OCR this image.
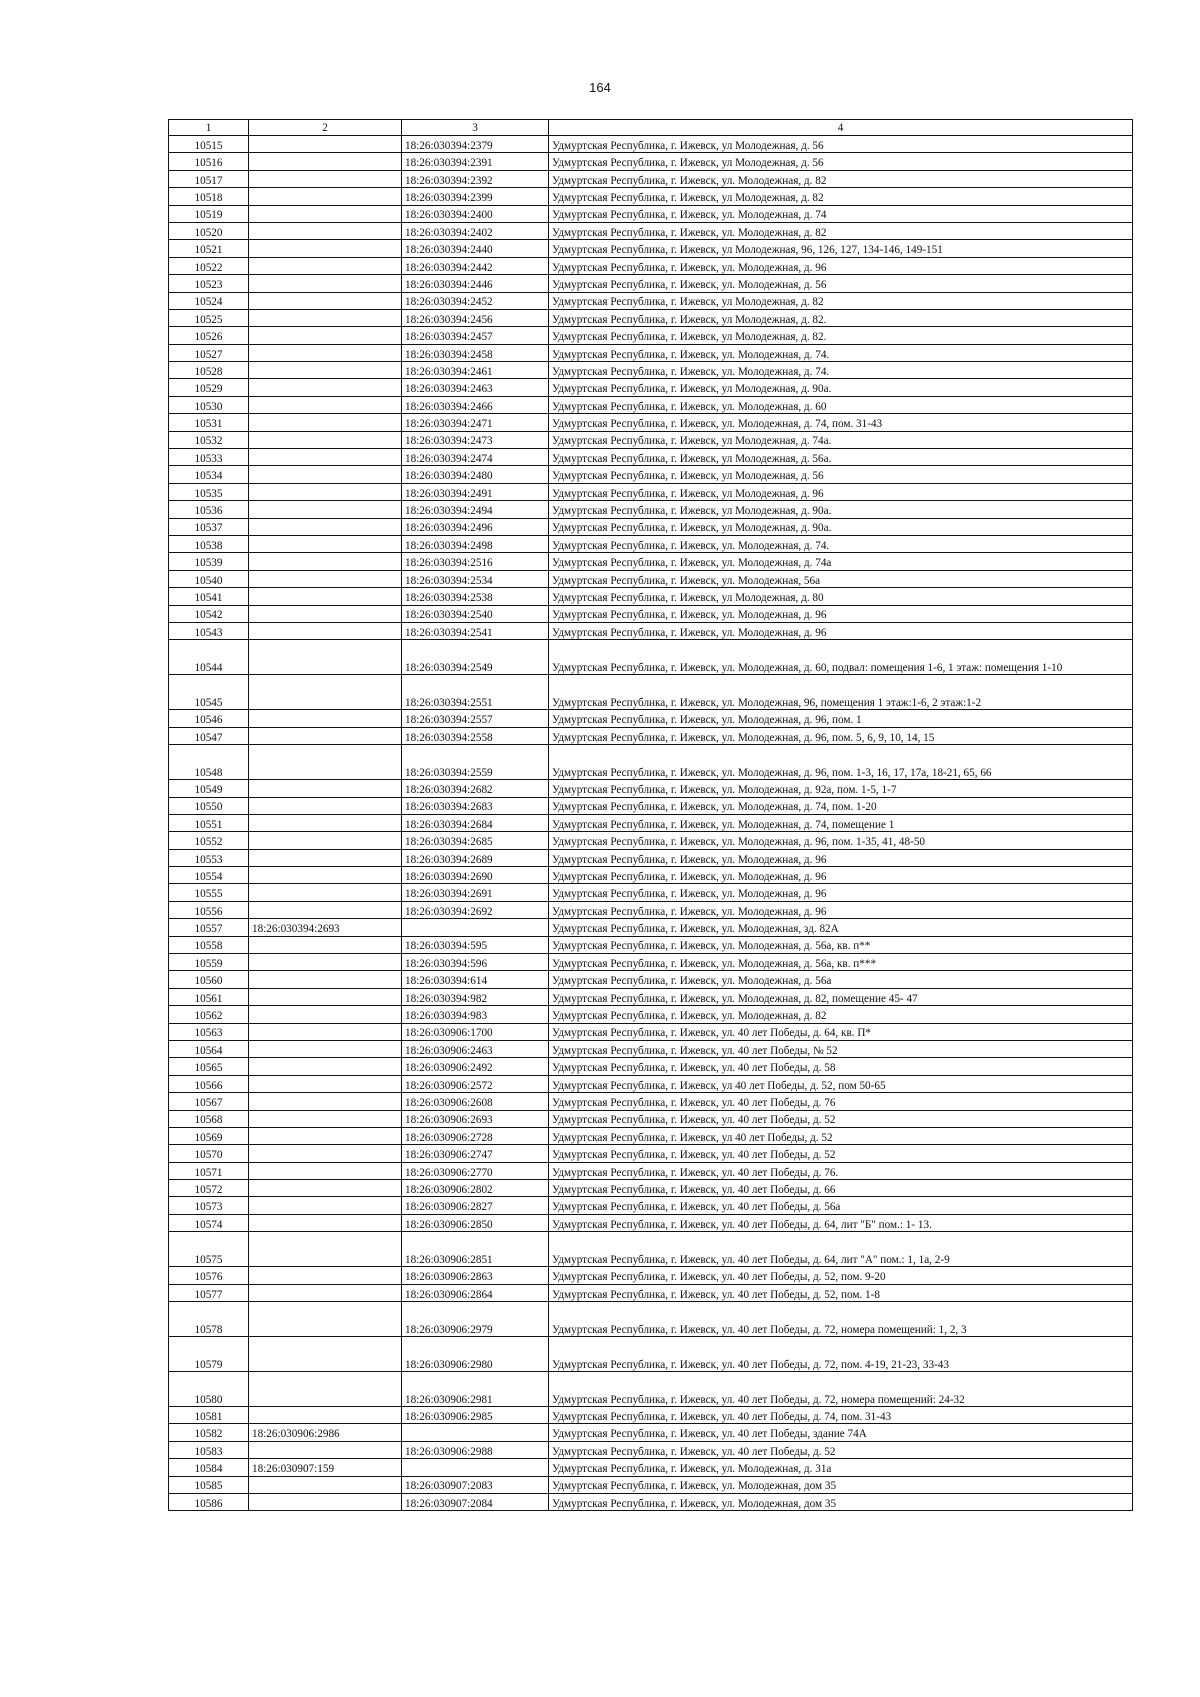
164
1	2	3	4
10515		18:26:030394:2379	Удмуртская Республика, г. Ижевск, ул Молодежная, д. 56
10516		18:26:030394:2391	Удмуртская Республика, г. Ижевск, ул Молодежная, д. 56
10517		18:26:030394:2392	Удмуртская Республика, г. Ижевск, ул. Молодежная, д. 82
10518		18:26:030394:2399	Удмуртская Республика, г. Ижевск, ул Молодежная, д. 82
10519		18:26:030394:2400	Удмуртская Республика, г. Ижевск, ул. Молодежная, д. 74
10520		18:26:030394:2402	Удмуртская Республика, г. Ижевск, ул. Молодежная, д. 82
10521		18:26:030394:2440	Удмуртская Республика, г. Ижевск, ул Молодежная, 96, 126, 127, 134-146, 149-151
10522		18:26:030394:2442	Удмуртская Республика, г. Ижевск, ул. Молодежная, д. 96
10523		18:26:030394:2446	Удмуртская Республика, г. Ижевск, ул. Молодежная, д. 56
10524		18:26:030394:2452	Удмуртская Республика, г. Ижевск, ул Молодежная, д. 82
10525		18:26:030394:2456	Удмуртская Республика, г. Ижевск, ул Молодежная, д. 82.
10526		18:26:030394:2457	Удмуртская Республика, г. Ижевск, ул Молодежная, д. 82.
10527		18:26:030394:2458	Удмуртская Республика, г. Ижевск, ул. Молодежная, д. 74.
10528		18:26:030394:2461	Удмуртская Республика, г. Ижевск, ул. Молодежная, д. 74.
10529		18:26:030394:2463	Удмуртская Республика, г. Ижевск, ул Молодежная, д. 90а.
10530		18:26:030394:2466	Удмуртская Республика, г. Ижевск, ул. Молодежная, д. 60
10531		18:26:030394:2471	Удмуртская Республика, г. Ижевск, ул. Молодежная, д. 74, пом. 31-43
10532		18:26:030394:2473	Удмуртская Республика, г. Ижевск, ул Молодежная, д. 74а.
10533		18:26:030394:2474	Удмуртская Республика, г. Ижевск, ул Молодежная, д. 56а.
10534		18:26:030394:2480	Удмуртская Республика, г. Ижевск, ул Молодежная, д. 56
10535		18:26:030394:2491	Удмуртская Республика, г. Ижевск, ул Молодежная, д. 96
10536		18:26:030394:2494	Удмуртская Республика, г. Ижевск, ул Молодежная, д. 90а.
10537		18:26:030394:2496	Удмуртская Республика, г. Ижевск, ул Молодежная, д. 90а.
10538		18:26:030394:2498	Удмуртская Республика, г. Ижевск, ул. Молодежная, д. 74.
10539		18:26:030394:2516	Удмуртская Республика, г. Ижевск, ул. Молодежная, д. 74а
10540		18:26:030394:2534	Удмуртская Республика, г. Ижевск, ул. Молодежная, 56а
10541		18:26:030394:2538	Удмуртская Республика, г. Ижевск, ул Молодежная, д. 80
10542		18:26:030394:2540	Удмуртская Республика, г. Ижевск, ул. Молодежная, д. 96
10543		18:26:030394:2541	Удмуртская Республика, г. Ижевск, ул. Молодежная, д. 96
10544		18:26:030394:2549	Удмуртская Республика, г. Ижевск, ул. Молодежная, д. 60, подвал: помещения 1-6, 1 этаж: помещения 1-10
10545		18:26:030394:2551	Удмуртская Республика, г. Ижевск, ул. Молодежная, 96, помещения 1 этаж:1-6, 2 этаж:1-2
10546		18:26:030394:2557	Удмуртская Республика, г. Ижевск, ул. Молодежная, д. 96, пом. 1
10547		18:26:030394:2558	Удмуртская Республика, г. Ижевск, ул. Молодежная, д. 96, пом. 5, 6, 9, 10, 14, 15
10548		18:26:030394:2559	Удмуртская Республика, г. Ижевск, ул. Молодежная, д. 96, пом. 1-3, 16, 17, 17а, 18-21, 65, 66
10549		18:26:030394:2682	Удмуртская Республика, г. Ижевск, ул. Молодежная, д. 92а, пом. 1-5, 1-7
10550		18:26:030394:2683	Удмуртская Республика, г. Ижевск, ул. Молодежная, д. 74, пом. 1-20
10551		18:26:030394:2684	Удмуртская Республика, г. Ижевск, ул. Молодежная, д. 74, помещение 1
10552		18:26:030394:2685	Удмуртская Республика, г. Ижевск, ул. Молодежная, д. 96, пом. 1-35, 41, 48-50
10553		18:26:030394:2689	Удмуртская Республика, г. Ижевск, ул. Молодежная, д. 96
10554		18:26:030394:2690	Удмуртская Республика, г. Ижевск, ул. Молодежная, д. 96
10555		18:26:030394:2691	Удмуртская Республика, г. Ижевск, ул. Молодежная, д. 96
10556		18:26:030394:2692	Удмуртская Республика, г. Ижевск, ул. Молодежная, д. 96
10557	18:26:030394:2693		Удмуртская Республика, г. Ижевск, ул. Молодежная, зд. 82А
10558		18:26:030394:595	Удмуртская Республика, г. Ижевск, ул. Молодежная, д. 56а, кв. п**
10559		18:26:030394:596	Удмуртская Республика, г. Ижевск, ул. Молодежная, д. 56а, кв. п***
10560		18:26:030394:614	Удмуртская Республика, г. Ижевск, ул. Молодежная, д. 56а
10561		18:26:030394:982	Удмуртская Республика, г. Ижевск, ул. Молодежная, д. 82, помещение 45- 47
10562		18:26:030394:983	Удмуртская Республика, г. Ижевск, ул. Молодежная, д. 82
10563		18:26:030906:1700	Удмуртская Республика, г. Ижевск, ул. 40 лет Победы, д. 64, кв. П*
10564		18:26:030906:2463	Удмуртская Республика, г. Ижевск, ул. 40 лет Победы, № 52
10565		18:26:030906:2492	Удмуртская Республика, г. Ижевск, ул. 40 лет Победы, д. 58
10566		18:26:030906:2572	Удмуртская Республика, г. Ижевск, ул 40 лет Победы, д. 52, пом 50-65
10567		18:26:030906:2608	Удмуртская Республика, г. Ижевск, ул. 40 лет Победы, д. 76
10568		18:26:030906:2693	Удмуртская Республика, г. Ижевск, ул. 40 лет Победы, д. 52
10569		18:26:030906:2728	Удмуртская Республика, г. Ижевск, ул 40 лет Победы, д. 52
10570		18:26:030906:2747	Удмуртская Республика, г. Ижевск, ул. 40 лет Победы, д. 52
10571		18:26:030906:2770	Удмуртская Республика, г. Ижевск, ул. 40 лет Победы, д. 76.
10572		18:26:030906:2802	Удмуртская Республика, г. Ижевск, ул. 40 лет Победы, д. 66
10573		18:26:030906:2827	Удмуртская Республика, г. Ижевск, ул. 40 лет Победы, д. 56а
10574		18:26:030906:2850	Удмуртская Республика, г. Ижевск, ул. 40 лет Победы, д. 64, лит "Б" пом.: 1- 13.
10575		18:26:030906:2851	Удмуртская Республика, г. Ижевск, ул. 40 лет Победы, д. 64, лит "А" пом.: 1, 1а, 2-9
10576		18:26:030906:2863	Удмуртская Республика, г. Ижевск, ул. 40 лет Победы, д. 52, пом. 9-20
10577		18:26:030906:2864	Удмуртская Республика, г. Ижевск, ул. 40 лет Победы, д. 52, пом. 1-8
10578		18:26:030906:2979	Удмуртская Республика, г. Ижевск, ул. 40 лет Победы, д. 72, номера помещений: 1, 2, 3
10579		18:26:030906:2980	Удмуртская Республика, г. Ижевск, ул. 40 лет Победы, д. 72, пом. 4-19, 21-23, 33-43
10580		18:26:030906:2981	Удмуртская Республика, г. Ижевск, ул. 40 лет Победы, д. 72, номера помещений: 24-32
10581		18:26:030906:2985	Удмуртская Республика, г. Ижевск, ул. 40 лет Победы, д. 74, пом. 31-43
10582	18:26:030906:2986		Удмуртская Республика, г. Ижевск, ул. 40 лет Победы, здание 74А
10583		18:26:030906:2988	Удмуртская Республика, г. Ижевск, ул. 40 лет Победы, д. 52
10584	18:26:030907:159		Удмуртская Республика, г. Ижевск, ул. Молодежная, д. 31а
10585		18:26:030907:2083	Удмуртская Республика, г. Ижевск, ул. Молодежная, дом 35
10586		18:26:030907:2084	Удмуртская Республика, г. Ижевск, ул. Молодежная, дом 35
